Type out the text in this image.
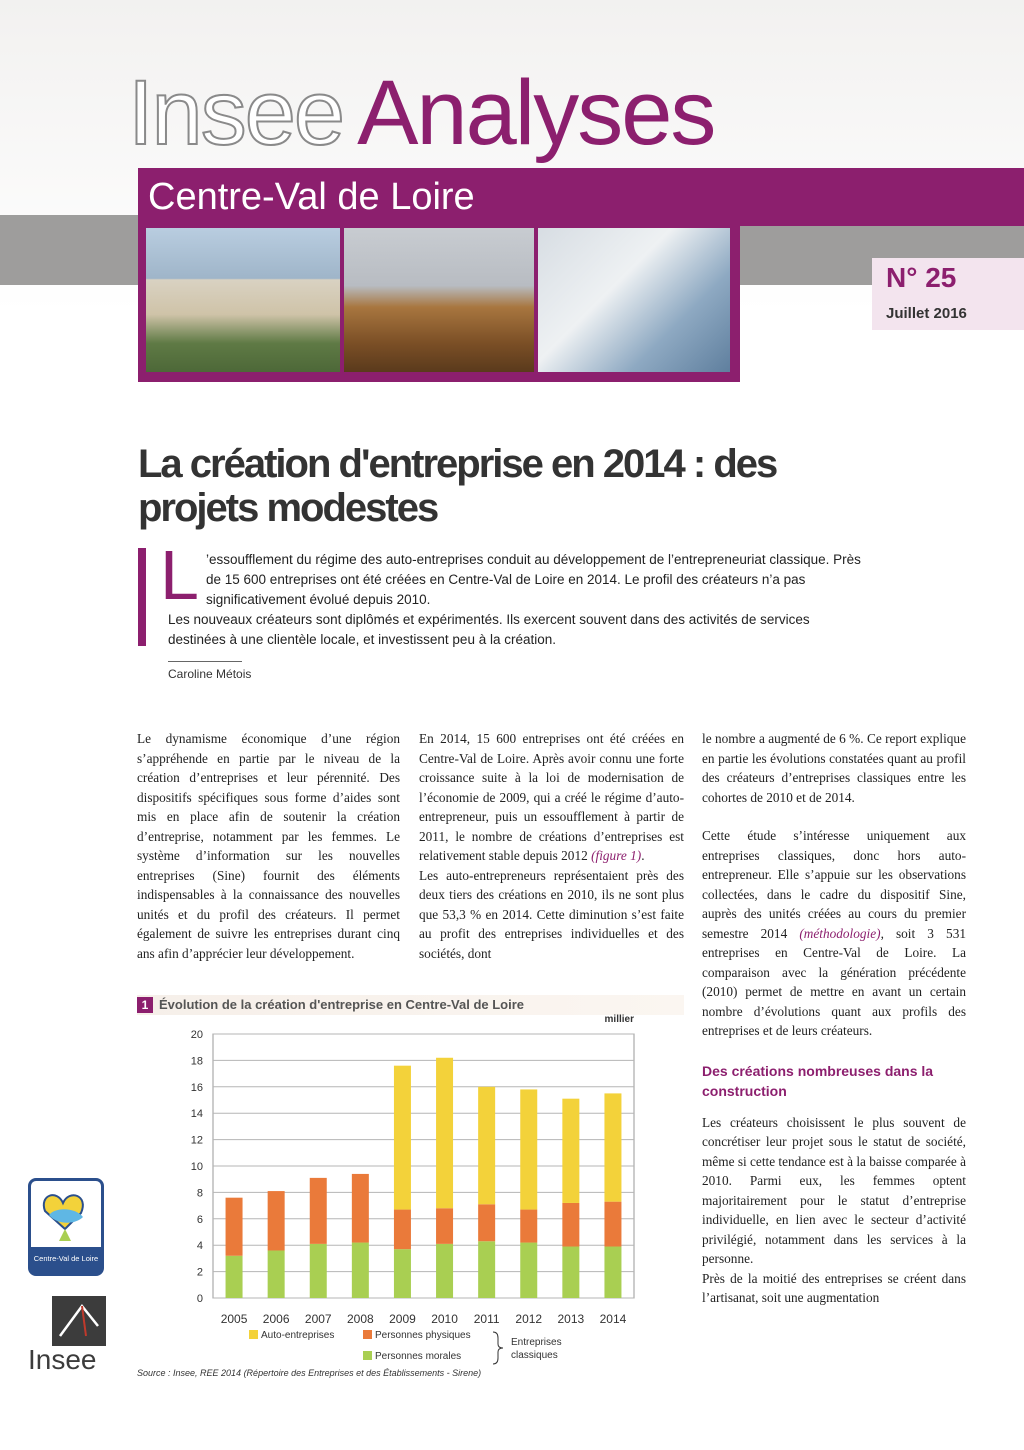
Insee Analyses
Centre-Val de Loire
N° 25
Juillet 2016
La création d'entreprise en 2014 : des projets modestes
L ’essoufflement du régime des auto-entreprises conduit au développement de l’entrepreneuriat classique. Près de 15 600 entreprises ont été créées en Centre-Val de Loire en 2014. Le profil des créateurs n’a pas significativement évolué depuis 2010.

Les nouveaux créateurs sont diplômés et expérimentés. Ils exercent souvent dans des activités de services destinées à une clientèle locale, et investissent peu à la création.

Caroline Métois

Le dynamisme économique d’une région s’appréhende en partie par le niveau de la création d’entreprises et leur pérennité. Des dispositifs spécifiques sous forme d’aides sont mis en place afin de soutenir la création d’entreprise, notamment par les femmes. Le système d’information sur les nouvelles entreprises (Sine) fournit des éléments indispensables à la connaissance des nouvelles unités et du profil des créateurs. Il permet également de suivre les entreprises durant cinq ans afin d’apprécier leur développement.

En 2014, 15 600 entreprises ont été créées en Centre-Val de Loire. Après avoir connu une forte croissance suite à la loi de modernisation de l’économie de 2009, qui a créé le régime d’auto-entrepreneur, puis un essoufflement à partir de 2011, le nombre de créations d’entreprises est relativement stable depuis 2012 (figure 1).

Les auto-entrepreneurs représentaient près des deux tiers des créations en 2010, ils ne sont plus que 53,3 % en 2014. Cette diminution s’est faite au profit des entreprises individuelles et des sociétés, dont

le nombre a augmenté de 6 %. Ce report explique en partie les évolutions constatées quant au profil des créateurs d’entreprises classiques entre les cohortes de 2010 et de 2014.

Cette étude s’intéresse uniquement aux entreprises classiques, donc hors auto-entrepreneur. Elle s’appuie sur les observations collectées, dans le cadre du dispositif Sine, auprès des unités créées au cours du premier semestre 2014 (méthodologie), soit 3 531 entreprises en Centre-Val de Loire. La comparaison avec la génération précédente (2010) permet de mettre en avant un certain nombre d’évolutions quant aux profils des entreprises et de leurs créateurs.

Des créations nombreuses dans la construction

Les créateurs choisissent le plus souvent de concrétiser leur projet sous le statut de société, même si cette tendance est à la baisse comparée à 2010. Parmi eux, les femmes optent majoritairement pour le statut d’entreprise individuelle, en lien avec le secteur d’activité privilégié, notamment dans les services à la personne.

Près de la moitié des entreprises se créent dans l’artisanat, soit une augmentation

1 Évolution de la création d'entreprise en Centre-Val de Loire
0
2
4
6
8
10
12
14
16
18
20
2005 2006 2007 2008 2009 2010 2011 2012 2013 2014
millier
Auto-entreprises	Personnes physiques
Personnes morales
Entreprises
classiques
Source : Insee, REE 2014 (Répertoire des Entreprises et des Établissements - Sirene)
Centre-Val de Loire
Insee
